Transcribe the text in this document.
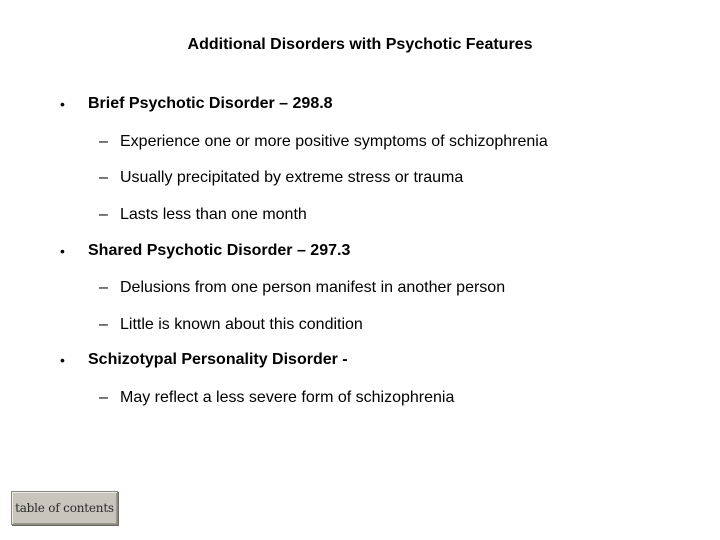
Additional Disorders with Psychotic Features
• Brief Psychotic Disorder – 298.8
– Experience one or more positive symptoms of schizophrenia
– Usually precipitated by extreme stress or trauma
– Lasts less than one month
• Shared Psychotic Disorder – 297.3
– Delusions from one person manifest in another person
– Little is known about this condition
• Schizotypal Personality Disorder -
– May reflect a less severe form of schizophrenia
table of contents
